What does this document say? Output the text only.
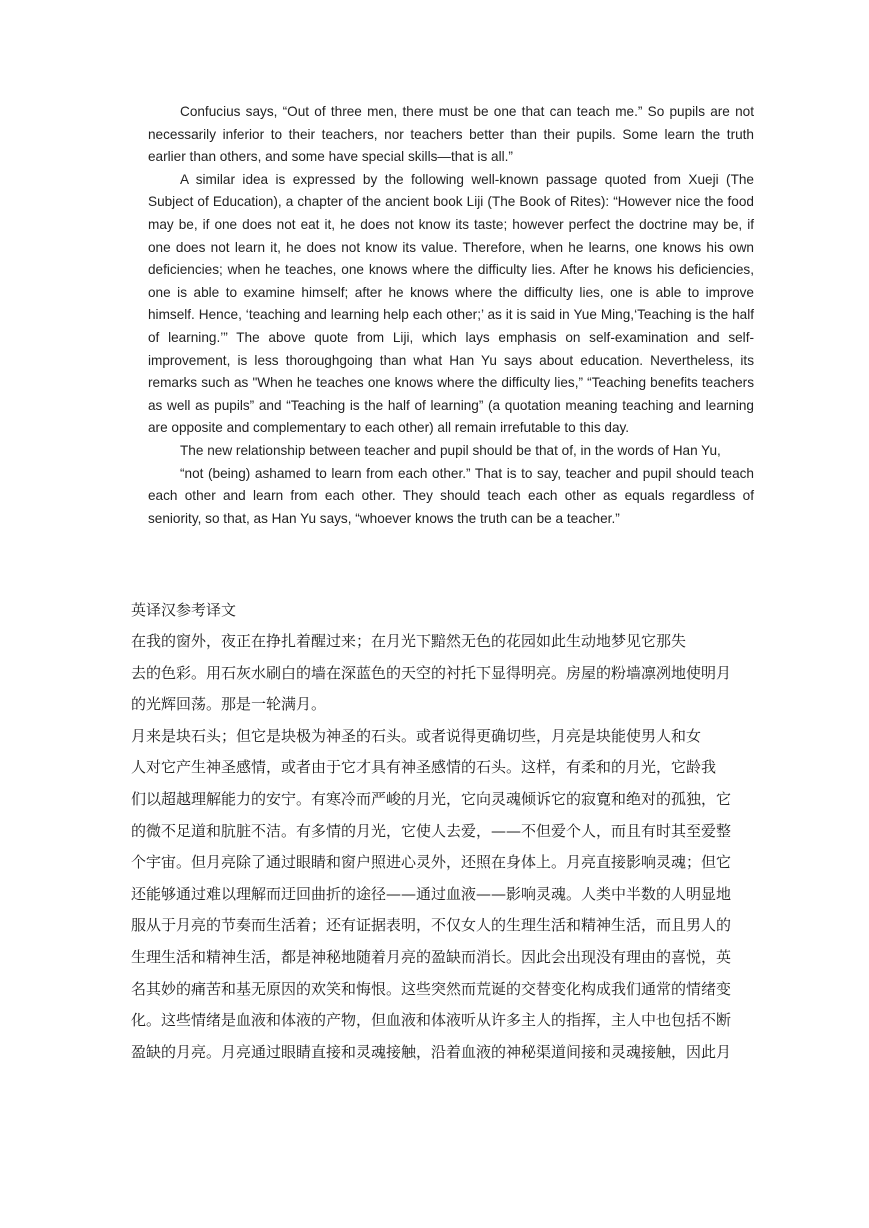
Confucius says, “Out of three men, there must be one that can teach me.” So pupils are not necessarily inferior to their teachers, nor teachers better than their pupils. Some learn the truth earlier than others, and some have special skills—that is all.”

A similar idea is expressed by the following well-known passage quoted from Xueji (The Subject of Education), a chapter of the ancient book Liji (The Book of Rites): “However nice the food may be, if one does not eat it, he does not know its taste; however perfect the doctrine may be, if one does not learn it, he does not know its value. Therefore, when he learns, one knows his own deficiencies; when he teaches, one knows where the difficulty lies. After he knows his deficiencies, one is able to examine himself; after he knows where the difficulty lies, one is able to improve himself. Hence, ‘teaching and learning help each other;’ as it is said in Yue Ming,‘Teaching is the half of learning.’” The above quote from Liji, which lays emphasis on self-examination and self-improvement, is less thoroughgoing than what Han Yu says about education. Nevertheless, its remarks such as "When he teaches one knows where the difficulty lies,” “Teaching benefits teachers as well as pupils” and “Teaching is the half of learning” (a quotation meaning teaching and learning are opposite and complementary to each other) all remain irrefutable to this day.

The new relationship between teacher and pupil should be that of, in the words of Han Yu,

“not (being) ashamed to learn from each other.” That is to say, teacher and pupil should teach each other and learn from each other. They should teach each other as equals regardless of seniority, so that, as Han Yu says, “whoever knows the truth can be a teacher.”

英译汉参考译文
在我的窗外，夜正在挣扎着醒过来；在月光下黯然无色的花园如此生动地梦见它那失
去的色彩。用石灰水刷白的墙在深蓝色的天空的衬托下显得明亮。房屋的粉墙凛冽地使明月
的光辉回荡。那是一轮满月。
月来是块石头；但它是块极为神圣的石头。或者说得更确切些，月亮是块能使男人和女
人对它产生神圣感情，或者由于它才具有神圣感情的石头。这样，有柔和的月光，它龄我
们以超越理解能力的安宁。有寒冷而严峻的月光，它向灵魂倾诉它的寂寛和绝对的孤独，它
的微不足道和肮脏不洁。有多情的月光，它使人去爱，——不但爱个人，而且有时其至爱整
个宇宙。但月亮除了通过眼睛和窗户照进心灵外，还照在身体上。月亮直接影响灵魂；但它
还能够通过难以理解而迂回曲折的途径——通过血液——影响灵魂。人类中半数的人明显地
服从于月亮的节奏而生活着；还有证据表明，不仅女人的生理生活和精神生活，而且男人的
生理生活和精神生活，都是神秘地随着月亮的盈缺而消长。因此会出现没有理由的喜悦，英
名其妙的痛苦和基无原因的欢笑和悔恨。这些突然而荒诞的交替变化构成我们通常的情绪变
化。这些情绪是血液和体液的产物，但血液和体液听从许多主人的指挥，主人中也包括不断
盈缺的月亮。月亮通过眼睛直接和灵魂接触，沿着血液的神秘渠道间接和灵魂接触，因此月
